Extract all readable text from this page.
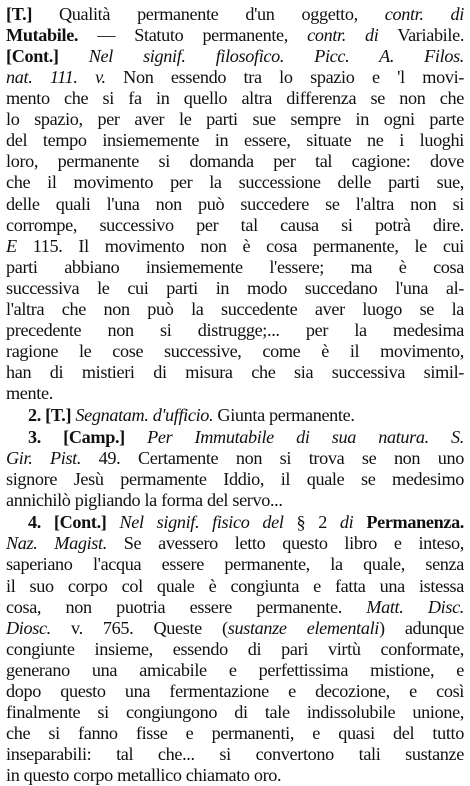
[T.] Qualità permanente d'un oggetto, contr. di
Mutabile. — Statuto permanente, contr. di Variabile.
[Cont.] Nel signif. filosofico. Picc. A. Filos.
nat. 111. v. Non essendo tra lo spazio e 'l movi-
mento che si fa in quello altra differenza se non che
lo spazio, per aver le parti sue sempre in ogni parte
del tempo insiememente in essere, situate ne i luoghi
loro, permanente si domanda per tal cagione: dove
che il movimento per la successione delle parti sue,
delle quali l'una non può succedere se l'altra non si
corrompe, successivo per tal causa si potrà dire.
E 115. Il movimento non è cosa permanente, le cui
parti abbiano insiememente l'essere; ma è cosa
successiva le cui parti in modo succedano l'una al-
l'altra che non può la succedente aver luogo se la
precedente non si distrugge;... per la medesima
ragione le cose successive, come è il movimento,
han di mistieri di misura che sia successiva simil-
mente.
2. [T.] Segnatam. d'ufficio. Giunta permanente.
3. [Camp.] Per Immutabile di sua natura. S.
Gir. Pist. 49. Certamente non si trova se non uno
signore Jesù permamente Iddio, il quale se medesimo
annichilò pigliando la forma del servo...
4. [Cont.] Nel signif. fisico del § 2 di Permanenza.
Naz. Magist. Se avessero letto questo libro e inteso,
saperiano l'acqua essere permanente, la quale, senza
il suo corpo col quale è congiunta e fatta una istessa
cosa, non puotria essere permanente. Matt. Disc.
Diosc. v. 765. Queste (sustanze elementali) adunque
congiunte insieme, essendo di pari virtù conformate,
generano una amicabile e perfettissima mistione, e
dopo questo una fermentazione e decozione, e così
finalmente si congiungono di tale indissolubile unione,
che si fanno fisse e permanenti, e quasi del tutto
inseparabili: tal che... si convertono tali sustanze
in questo corpo metallico chiamato oro.
